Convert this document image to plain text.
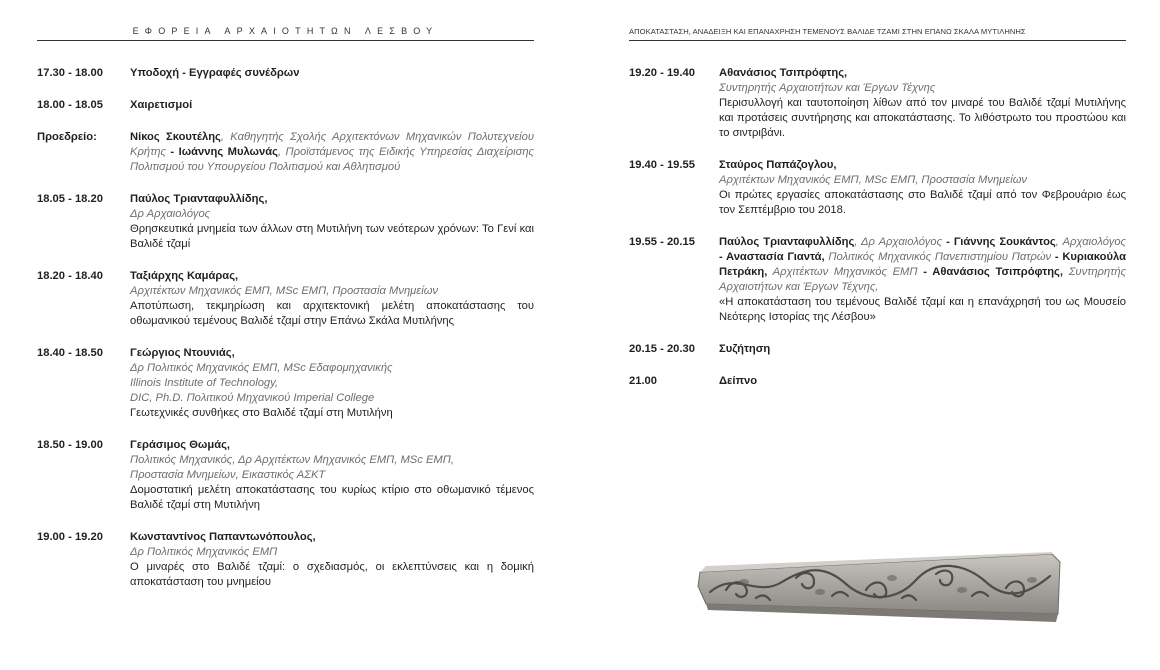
ΕΦΟΡΕΙΑ ΑΡΧΑΙΟΤΗΤΩΝ ΛΕΣΒΟΥ	ΑΠΟΚΑΤΑΣΤΑΣΗ, ΑΝΑΔΕΙΞΗ ΚΑΙ ΕΠΑΝΑΧΡΗΣΗ ΤΕΜΕΝΟΥΣ ΒΑΛΙΔΕ ΤΖΑΜΙ ΣΤΗΝ ΕΠΑΝΩ ΣΚΑΛΑ ΜΥΤΙΛΗΝΗΣ
17.30 - 18.00	Υποδοχή - Εγγραφές συνέδρων
18.00 - 18.05	Χαιρετισμοί
Προεδρείο:	Νίκος Σκουτέλης, Καθηγητής Σχολής Αρχιτεκτόνων Μηχανικών Πολυτεχνείου Κρήτης - Ιωάννης Μυλωνάς, Προϊστάμενος της Ειδικής Υπηρεσίας Διαχείρισης Πολιτισμού του Υπουργείου Πολιτισμού και Αθλητισμού
18.05 - 18.20	Παύλος Τριανταφυλλίδης,
Δρ Αρχαιολόγος
Θρησκευτικά μνημεία των άλλων στη Μυτιλήνη των νεότερων χρόνων: Το Γενί και Βαλιδέ τζαμί
18.20 - 18.40	Ταξιάρχης Καμάρας,
Αρχιτέκτων Μηχανικός ΕΜΠ, MSc ΕΜΠ, Προστασία Μνημείων
Αποτύπωση, τεκμηρίωση και αρχιτεκτονική μελέτη αποκατάστασης του οθωμανικού τεμένους Βαλιδέ τζαμί στην Επάνω Σκάλα Μυτιλήνης
18.40 - 18.50	Γεώργιος Ντουνιάς,
Δρ Πολιτικός Μηχανικός ΕΜΠ, MSc Εδαφομηχανικής
Illinois Institute of Technology,
DIC, Ph.D. Πολιτικού Μηχανικού Imperial College
Γεωτεχνικές συνθήκες στο Βαλιδέ τζαμί στη Μυτιλήνη
18.50 - 19.00	Γεράσιμος Θωμάς,
Πολιτικός Μηχανικός, Δρ Αρχιτέκτων Μηχανικός ΕΜΠ, MSc ΕΜΠ,
Προστασία Μνημείων, Εικαστικός ΑΣΚΤ
Δομοστατική μελέτη αποκατάστασης του κυρίως κτίριο στο οθωμανικό τέμενος Βαλιδέ τζαμί στη Μυτιλήνη
19.00 - 19.20	Κωνσταντίνος Παπαντωνόπουλος,
Δρ Πολιτικός Μηχανικός ΕΜΠ
Ο μιναρές στο Βαλιδέ τζαμί: ο σχεδιασμός, οι εκλεπτύνσεις και η δομική αποκατάσταση του μνημείου
19.20 - 19.40	Αθανάσιος Τσιπρόφτης,
Συντηρητής Αρχαιοτήτων και Έργων Τέχνης
Περισυλλογή και ταυτοποίηση λίθων από τον μιναρέ του Βαλιδέ τζαμί Μυτιλήνης και προτάσεις συντήρησης και αποκατάστασης. Το λιθόστρωτο του προστώου και το σιντριβάνι.
19.40 - 19.55	Σταύρος Παπάζογλου,
Αρχιτέκτων Μηχανικός ΕΜΠ, MSc ΕΜΠ, Προστασία Μνημείων
Οι πρώτες εργασίες αποκατάστασης στο Βαλιδέ τζαμί από τον Φεβρουάριο έως τον Σεπτέμβριο του 2018.
19.55 - 20.15	Παύλος Τριανταφυλλίδης, Δρ Αρχαιολόγος - Γιάννης Σουκάντος, Αρχαιολόγος - Αναστασία Γιαντά, Πολιτικός Μηχανικός Πανεπιστημίου Πατρών - Κυριακούλα Πετράκη, Αρχιτέκτων Μηχανικός ΕΜΠ - Αθανάσιος Τσιπρόφτης, Συντηρητής Αρχαιοτήτων και Έργων Τέχνης,
«Η αποκατάσταση του τεμένους Βαλιδέ τζαμί και η επανάχρησή του ως Μουσείο Νεότερης Ιστορίας της Λέσβου»
20.15 - 20.30	Συζήτηση
21.00	Δείπνο
